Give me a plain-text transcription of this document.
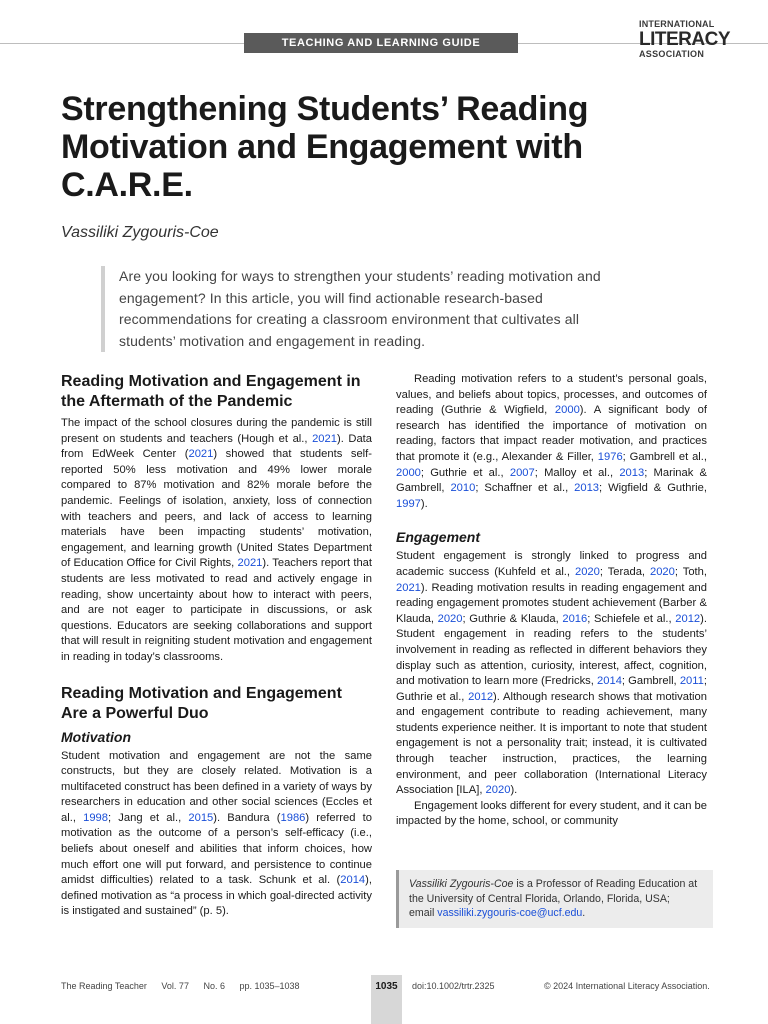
TEACHING AND LEARNING GUIDE
INTERNATIONAL
LITERACY
ASSOCIATION
Strengthening Students’ Reading Motivation and Engagement with C.A.R.E.
Vassiliki Zygouris-Coe
Are you looking for ways to strengthen your students’ reading motivation and engagement? In this article, you will find actionable research-based recommendations for creating a classroom environment that cultivates all students’ motivation and engagement in reading.
Reading Motivation and Engagement in the Aftermath of the Pandemic

The impact of the school closures during the pandemic is still present on students and teachers (Hough et al., 2021). Data from EdWeek Center (2021) showed that students self-reported 50% less motivation and 49% lower morale compared to 87% motivation and 82% morale before the pandemic. Feelings of isolation, anxiety, loss of connection with teachers and peers, and lack of access to learning materials have been impacting students’ motivation, engagement, and learning growth (United States Department of Education Office for Civil Rights, 2021). Teachers report that students are less motivated to read and actively engage in reading, show uncertainty about how to interact with peers, and are not eager to participate in discussions, or ask questions. Educators are seeking collaborations and support that will result in reigniting student motivation and engagement in reading in today’s classrooms.

Reading Motivation and Engagement Are a Powerful Duo
Motivation

Student motivation and engagement are not the same constructs, but they are closely related. Motivation is a multifaceted construct has been defined in a variety of ways by researchers in education and other social sciences (Eccles et al., 1998; Jang et al., 2015). Bandura (1986) referred to motivation as the outcome of a person’s self-efficacy (i.e., beliefs about oneself and abilities that inform choices, how much effort one will put forward, and persistence to continue amidst difficulties) related to a task. Schunk et al. (2014), defined motivation as “a process in which goal-directed activity is instigated and sustained” (p. 5).

Reading motivation refers to a student’s personal goals, values, and beliefs about topics, processes, and outcomes of reading (Guthrie & Wigfield, 2000). A significant body of research has identified the importance of motivation on reading, factors that impact reader motivation, and practices that promote it (e.g., Alexander & Filler, 1976; Gambrell et al., 2000; Guthrie et al., 2007; Malloy et al., 2013; Marinak & Gambrell, 2010; Schaffner et al., 2013; Wigfield & Guthrie, 1997).

Engagement

Student engagement is strongly linked to progress and academic success (Kuhfeld et al., 2020; Terada, 2020; Toth, 2021). Reading motivation results in reading engagement and reading engagement promotes student achievement (Barber & Klauda, 2020; Guthrie & Klauda, 2016; Schiefele et al., 2012). Student engagement in reading refers to the students’ involvement in reading as reflected in different behaviors they display such as attention, curiosity, interest, affect, cognition, and motivation to learn more (Fredricks, 2014; Gambrell, 2011; Guthrie et al., 2012). Although research shows that motivation and engagement contribute to reading achievement, many students experience neither. It is important to note that student engagement is not a personality trait; instead, it is cultivated through teacher instruction, practices, the learning environment, and peer collaboration (International Literacy Association [ILA], 2020).

Engagement looks different for every student, and it can be impacted by the home, school, or community

Vassiliki Zygouris-Coe is a Professor of Reading Education at the University of Central Florida, Orlando, Florida, USA;
email vassiliki.zygouris-coe@ucf.edu.
The Reading Teacher Vol. 77 No. 6 pp. 1035–1038	1035	doi:10.1002/trtr.2325	© 2024 International Literacy Association.
